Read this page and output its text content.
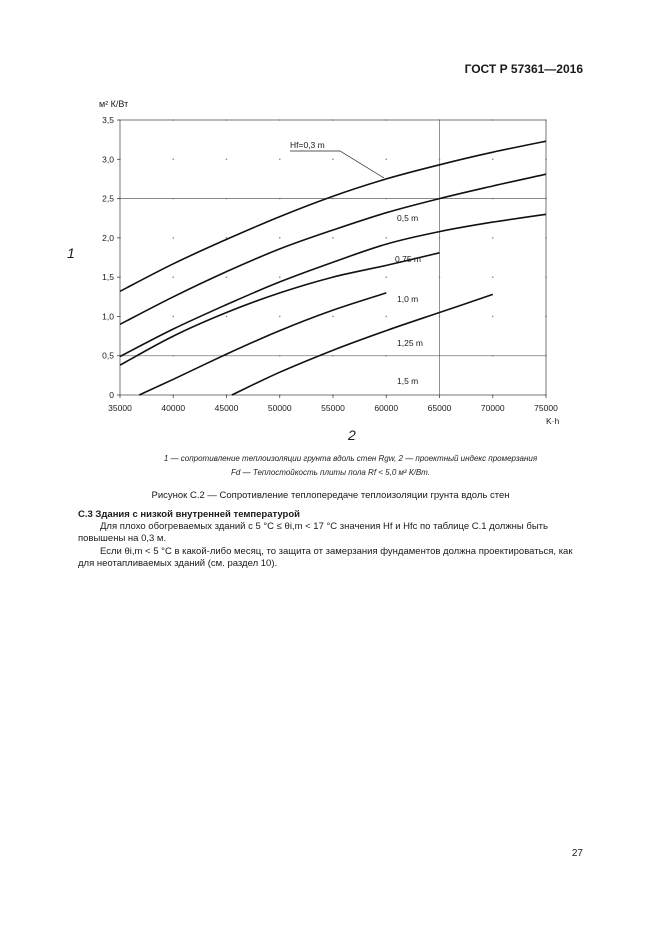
ГОСТ Р 57361—2016
35000	40000	45000	50000	55000	60000	65000	70000	75000
0
0,5
1,0
1,5
2,0
2,5
3,0
3,5
Hf=0,3 m
0,5 m
0,75 m
1,0 m
1,25 m
1,5 m
м² К/Вт
1
2
K·h
1 — сопротивление теплоизоляции грунта вдоль стен Rgw, 2 — проектный индекс промерзания
Fd — Теплостойкость плиты пола Rf < 5,0 м² К/Вт.
Рисунок С.2 — Сопротивление теплопередаче теплоизоляции грунта вдоль стен
С.3 Здания с низкой внутренней температурой
Для плохо обогреваемых зданий с 5 °С ≤ θi,m < 17 °С значения Hf и Hfc по таблице С.1 должны быть повышены на 0,3 м.
Если θi,m < 5 °С в какой-либо месяц, то защита от замерзания фундаментов должна проектироваться, как для неотапливаемых зданий (см. раздел 10).
27
